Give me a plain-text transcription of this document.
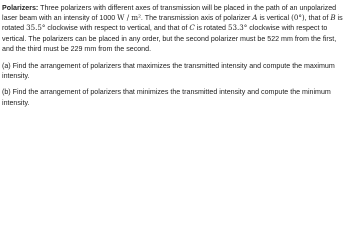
Polarizers: Three polarizers with different axes of transmission will be placed in the path of an unpolarized laser beam with an intensity of 1000 W / m². The transmission axis of polarizer A is vertical (0°), that of B is rotated 35.5° clockwise with respect to vertical, and that of C is rotated 53.3° clockwise with respect to vertical. The polarizers can be placed in any order, but the second polarizer must be 522 mm from the first, and the third must be 229 mm from the second.

(a) Find the arrangement of polarizers that maximizes the transmitted intensity and compute the maximum intensity.

(b) Find the arrangement of polarizers that minimizes the transmitted intensity and compute the minimum intensity.
